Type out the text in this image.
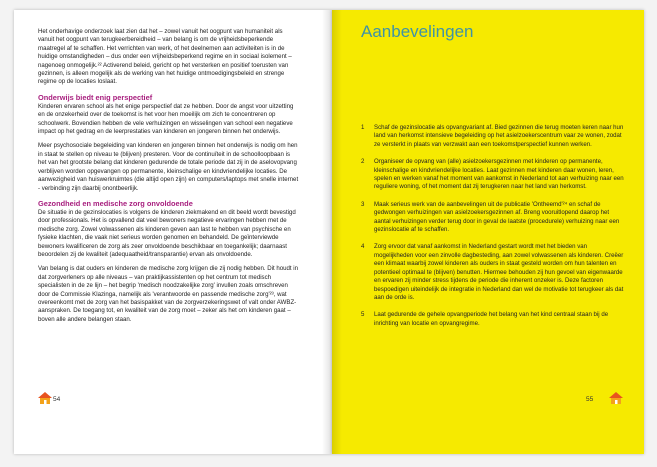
Het onderhavige onderzoek laat zien dat het – zowel vanuit het oogpunt van humaniteit als vanuit het oogpunt van terugkeerbereidheid – van belang is om de vrijheidsbeperkende maatregel af te schaffen. Het verrichten van werk, of het deelnemen aan activiteiten is in de huidige omstandigheden – dus onder een vrijheidsbeperkend regime en in sociaal isolement – nagenoeg onmogelijk.²² Activerend beleid, gericht op het versterken en positief toerusten van gezinnen, is alleen mogelijk als de werking van het huidige ontmoedigingsbeleid en strenge regime op de locaties loslaat.

Onderwijs biedt enig perspectief

Kinderen ervaren school als het enige perspectief dat ze hebben. Door de angst voor uitzetting en de onzekerheid over de toekomst is het voor hen moeilijk om zich te concentreren op schoolwerk. Bovendien hebben de vele verhuizingen en wisselingen van school een negatieve impact op het gedrag en de leerprestaties van kinderen en jongeren binnen het onderwijs.

Meer psychosociale begeleiding van kinderen en jongeren binnen het onderwijs is nodig om hen in staat te stellen op niveau te (blijven) presteren. Voor de continuïteit in de schoolloopbaan is het van het grootste belang dat kinderen gedurende de totale periode dat zij in de aselovopvang verblijven worden opgevangen op permanente, kleinschalige en kindvriendelijke locaties. De aanwezigheid van huiswerkruimtes (die altijd open zijn) en computers/laptops met snelle internet - verbinding zijn daarbij onontbeerlijk.

Gezondheid en medische zorg onvoldoende

De situatie in de gezinslocaties is volgens de kinderen ziekmakend en dit beeld wordt bevestigd door professionals. Het is opvallend dat veel bewoners negatieve ervaringen hebben met de medische zorg. Zowel volwassenen als kinderen geven aan last te hebben van psychische en fysieke klachten, die vaak niet serieus worden genomen en behandeld. De geïnterviewde bewoners kwalificeren de zorg als zeer onvoldoende beschikbaar en toegankelijk; daarnaast beoordelen zij de kwaliteit (adequaatheid/transparantie) ervan als onvoldoende.

Van belang is dat ouders en kinderen de medische zorg krijgen die zij nodig hebben. Dit houdt in dat zorgverleners op alle niveaus – van praktijkassistenten op het centrum tot medisch specialisten in de ze lijn – het begrip 'medisch noodzakelijke zorg' invullen zoals omschreven door de Commissie Klazinga, namelijk als 'verantwoorde en passende medische zorg'²³, wat overeenkomt met de zorg van het basispakket van de zorgverzekeringswet of valt onder AWBZ-aanspraken. De toegang tot, en kwaliteit van de zorg moet – zeker als het om kinderen gaat – boven alle andere belangen staan.

54
Aanbevelingen
1 Schaf de gezinslocatie als opvangvariant af. Bied gezinnen die terug moeten keren naar hun land van herkomst intensieve begeleiding op het asielzoekerscentrum vaar ze wonen, zodat ze versterkt in plaats van verzwakt aan een toekomstperspectief kunnen werken.
2 Organiseer de opvang van (alle) asielzoekersgezinnen met kinderen op permanente, kleinschalige en kindvriendelijke locaties. Laat gezinnen met kinderen daar wonen, leren, spelen en werken vanaf het moment van aankomst in Nederland tot aan verhuizing naar een reguliere woning, of het moment dat zij terugkeren naar het land van herkomst.
3 Maak serieus werk van de aanbevelingen uit de publicatie 'Ontheemd'²⁴ en schaf de gedwongen verhuizingen van asielzoekersgezinnen af. Breng vooruitlopend daarop het aantal verhuizingen verder terug door in geval de laatste (procedurele) verhuizing naar een gezinslocatie af te schaffen.
4 Zorg ervoor dat vanaf aankomst in Nederland gestart wordt met het bieden van mogelijkheden voor een zinvolle dagbesteding, aan zowel volwassenen als kinderen. Creëer een klimaat waarbij zowel kinderen als ouders in staat gesteld worden om hun talenten en potentieel optimaal te (blijven) benutten. Hiermee behouden zij hun gevoel van eigenwaarde en ervaren zij minder stress tijdens de periode die inherent onzeker is. Deze factoren bespoedigen uiteindelijk de integratie in Nederland dan wel de motivatie tot terugkeer als dat aan de orde is.
5 Laat gedurende de gehele opvangperiode het belang van het kind centraal staan bij de inrichting van locatie en opvangregime.
55
